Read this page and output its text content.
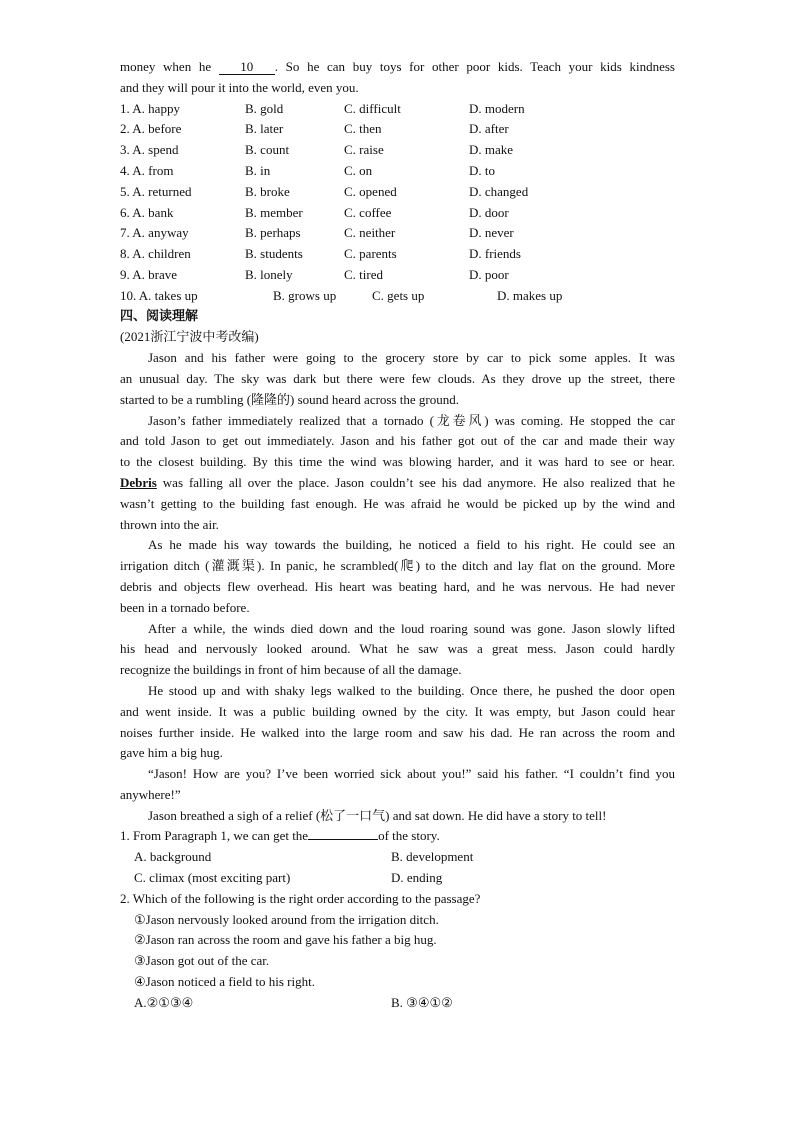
money when he       10 . So he can buy toys for other poor kids. Teach your kids kindness
and they will pour it into the world, even you.
1. A. happy	B. gold	C. difficult	D. modern
2. A. before	B. later	C. then	D. after
3. A. spend	B. count	C. raise	D. make
4. A. from	B. in	C. on	D. to
5. A. returned	B. broke	C. opened	D. changed
6. A. bank	B. member	C. coffee	D. door
7. A. anyway	B. perhaps	C. neither	D. never
8. A. children	B. students	C. parents	D. friends
9. A. brave	B. lonely	C. tired	D. poor
10. A. takes up	B. grows up	C. gets up	D. makes up
四、阅读理解
(2021浙江宁波中考改编)
Jason and his father were going to the grocery store by car to pick some apples. It was
an unusual day. The sky was dark but there were few clouds. As they drove up the street, there
started to be a rumbling (隆隆的) sound heard across the ground.
Jason’s father immediately realized that a tornado (龙卷风) was coming. He stopped the car
and told Jason to get out immediately. Jason and his father got out of the car and made their way
to the closest building. By this time the wind was blowing harder, and it was hard to see or hear.
Debris was falling all over the place. Jason couldn’t see his dad anymore. He also realized that he
wasn’t getting to the building fast enough. He was afraid he would be picked up by the wind and
thrown into the air.
As he made his way towards the building, he noticed a field to his right. He could see an
irrigation ditch (灌溉渠). In panic, he scrambled(爬) to the ditch and lay flat on the ground. More
debris and objects flew overhead. His heart was beating hard, and he was nervous. He had never
been in a tornado before.
After a while, the winds died down and the loud roaring sound was gone. Jason slowly lifted
his head and nervously looked around. What he saw was a great mess. Jason could hardly
recognize the buildings in front of him because of all the damage.
He stood up and with shaky legs walked to the building. Once there, he pushed the door open
and went inside. It was a public building owned by the city. It was empty, but Jason could hear
noises further inside. He walked into the large room and saw his dad. He ran across the room and
gave him a big hug.
“Jason! How are you? I’ve been worried sick about you!” said his father. “I couldn’t find you
anywhere!”
Jason breathed a sigh of a relief (松了一口气) and sat down. He did have a story to tell!
1. From Paragraph 1, we can get the	of the story.
A. background	B. development
C. climax (most exciting part)	D. ending
2. Which of the following is the right order according to the passage?
①Jason nervously looked around from the irrigation ditch.
②Jason ran across the room and gave his father a big hug.
③Jason got out of the car.
④Jason noticed a field to his right.
A.②①③④	B. ③④①②
